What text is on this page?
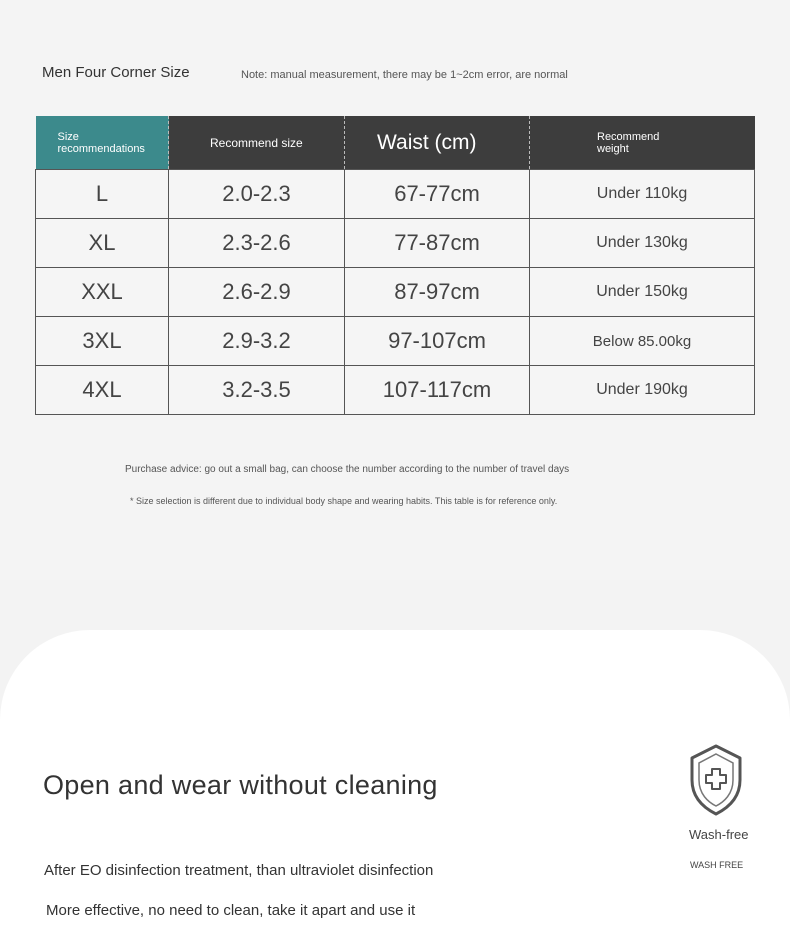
Men Four Corner Size	Note: manual measurement, there may be 1~2cm error, are normal
Size recommendations	Recommend size	Waist (cm)	Recommend weight

L	2.0-2.3	67-77cm	Under 110kg
XL	2.3-2.6	77-87cm	Under 130kg
XXL	2.6-2.9	87-97cm	Under 150kg
3XL	2.9-3.2	97-107cm	Below 85.00kg
4XL	3.2-3.5	107-117cm	Under 190kg
Purchase advice: go out a small bag, can choose the number according to the number of travel days
* Size selection is different due to individual body shape and wearing habits. This table is for reference only.
Open and wear without cleaning
After EO disinfection treatment, than ultraviolet disinfection
More effective, no need to clean, take it apart and use it
Wash-free
WASH FREE
